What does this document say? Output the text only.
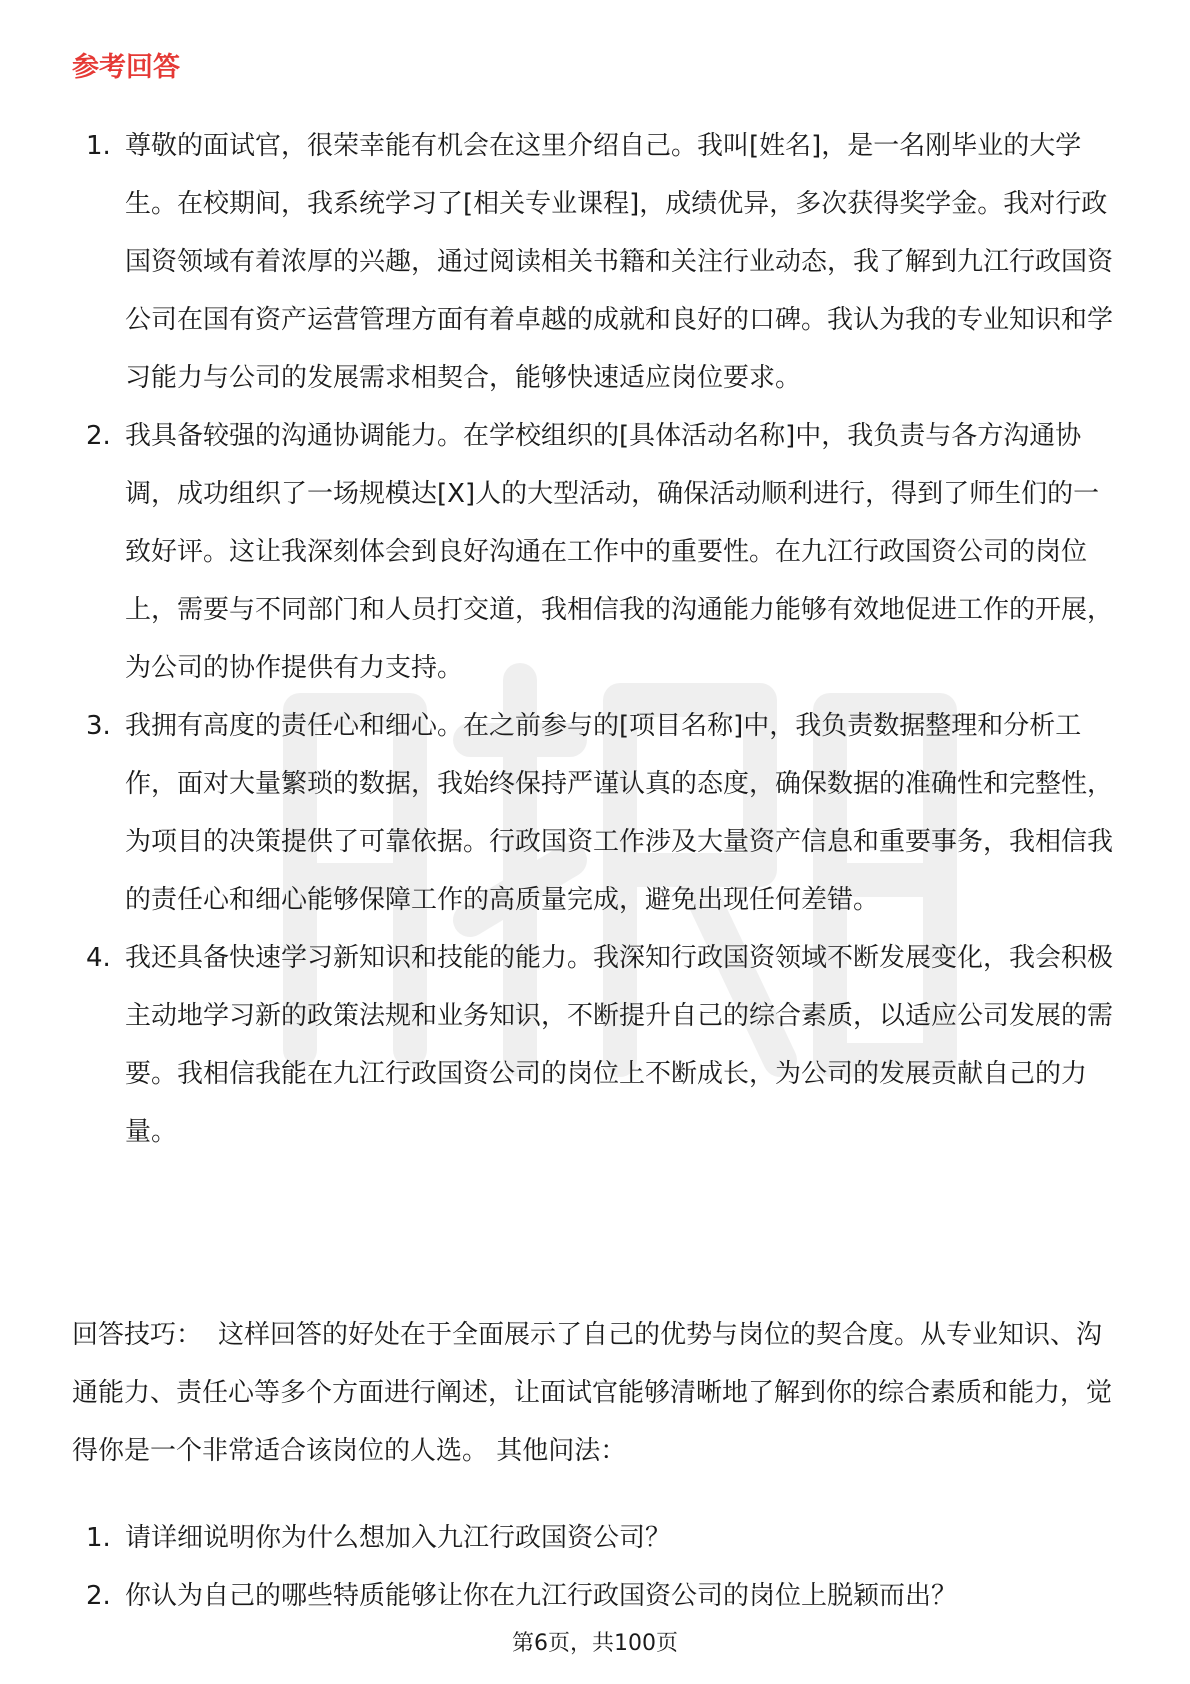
参考回答
1. 尊敬的面试官，很荣幸能有机会在这里介绍自己。我叫[姓名]，是一名刚毕业的大学生。在校期间，我系统学习了[相关专业课程]，成绩优异，多次获得奖学金。我对行政国资领域有着浓厚的兴趣，通过阅读相关书籍和关注行业动态，我了解到九江行政国资公司在国有资产运营管理方面有着卓越的成就和良好的口碑。我认为我的专业知识和学习能力与公司的发展需求相契合，能够快速适应岗位要求。
2. 我具备较强的沟通协调能力。在学校组织的[具体活动名称]中，我负责与各方沟通协调，成功组织了一场规模达[X]人的大型活动，确保活动顺利进行，得到了师生们的一致好评。这让我深刻体会到良好沟通在工作中的重要性。在九江行政国资公司的岗位上，需要与不同部门和人员打交道，我相信我的沟通能力能够有效地促进工作的开展，为公司的协作提供有力支持。
3. 我拥有高度的责任心和细心。在之前参与的[项目名称]中，我负责数据整理和分析工作，面对大量繁琐的数据，我始终保持严谨认真的态度，确保数据的准确性和完整性，为项目的决策提供了可靠依据。行政国资工作涉及大量资产信息和重要事务，我相信我的责任心和细心能够保障工作的高质量完成，避免出现任何差错。
4. 我还具备快速学习新知识和技能的能力。我深知行政国资领域不断发展变化，我会积极主动地学习新的政策法规和业务知识，不断提升自己的综合素质，以适应公司发展的需要。我相信我能在九江行政国资公司的岗位上不断成长，为公司的发展贡献自己的力量。

回答技巧： 这样回答的好处在于全面展示了自己的优势与岗位的契合度。从专业知识、沟通能力、责任心等多个方面进行阐述，让面试官能够清晰地了解到你的综合素质和能力，觉得你是一个非常适合该岗位的人选。 其他问法：

1. 请详细说明你为什么想加入九江行政国资公司？
2. 你认为自己的哪些特质能够让你在九江行政国资公司的岗位上脱颖而出？
第6页，共100页
